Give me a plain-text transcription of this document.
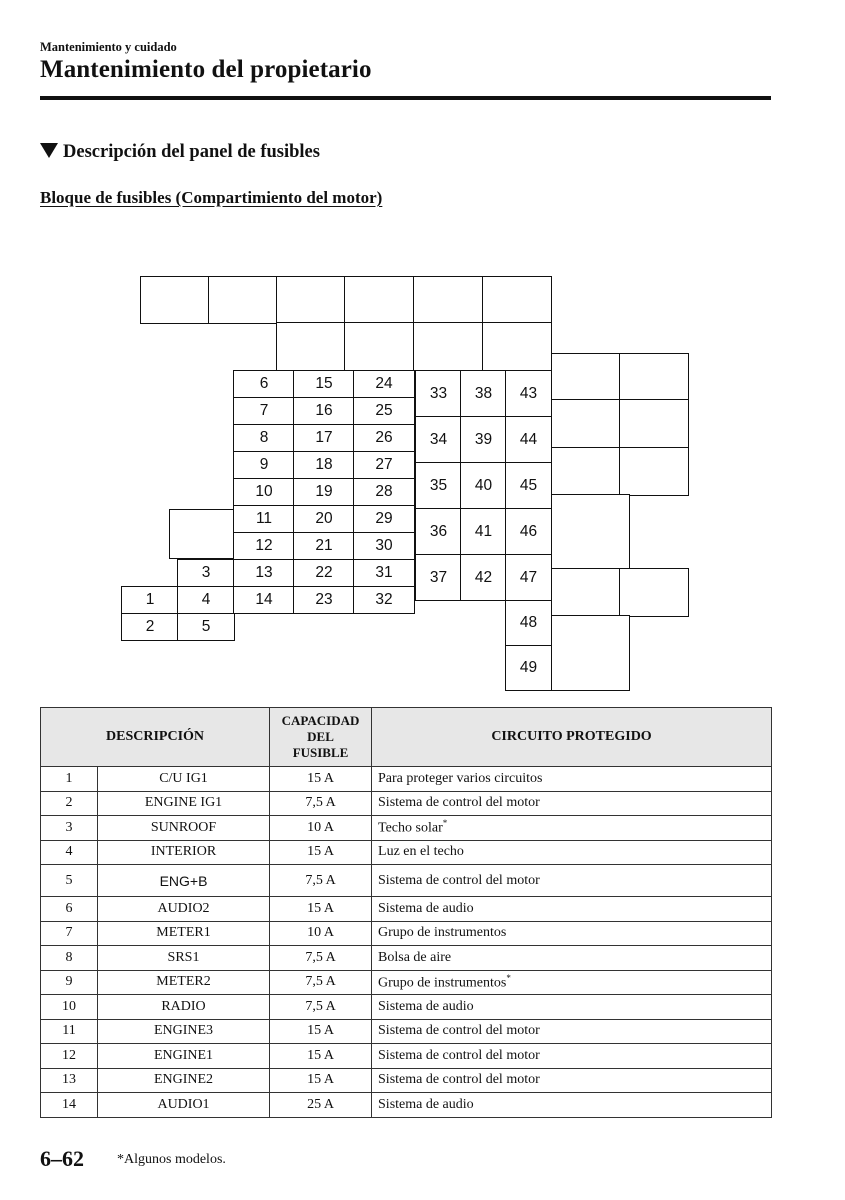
Mantenimiento y cuidado
Mantenimiento del propietario
Descripción del panel de fusibles
Bloque de fusibles (Compartimiento del motor)
3
1	4
2	5
6
7
8
9
10
11
12
13
14
15
16
17
18
19
20
21
22
23
24
25
26
27
28
29
30
31
32
33
34
35
36
37
38
39
40
41
42
43
44
45
46
47
48
49
DESCRIPCIÓN		CAPACIDAD
DEL
FUSIBLE	CIRCUITO PROTEGIDO
1	C/U IG1	15 A	Para proteger varios circuitos
2	ENGINE IG1	7,5 A	Sistema de control del motor
3	SUNROOF	10 A	Techo solar*
4	INTERIOR	15 A	Luz en el techo
5	ENG+B	7,5 A	Sistema de control del motor
6	AUDIO2	15 A	Sistema de audio
7	METER1	10 A	Grupo de instrumentos
8	SRS1	7,5 A	Bolsa de aire
9	METER2	7,5 A	Grupo de instrumentos*
10	RADIO	7,5 A	Sistema de audio
11	ENGINE3	15 A	Sistema de control del motor
12	ENGINE1	15 A	Sistema de control del motor
13	ENGINE2	15 A	Sistema de control del motor
14	AUDIO1	25 A	Sistema de audio
6–62 *Algunos modelos.
